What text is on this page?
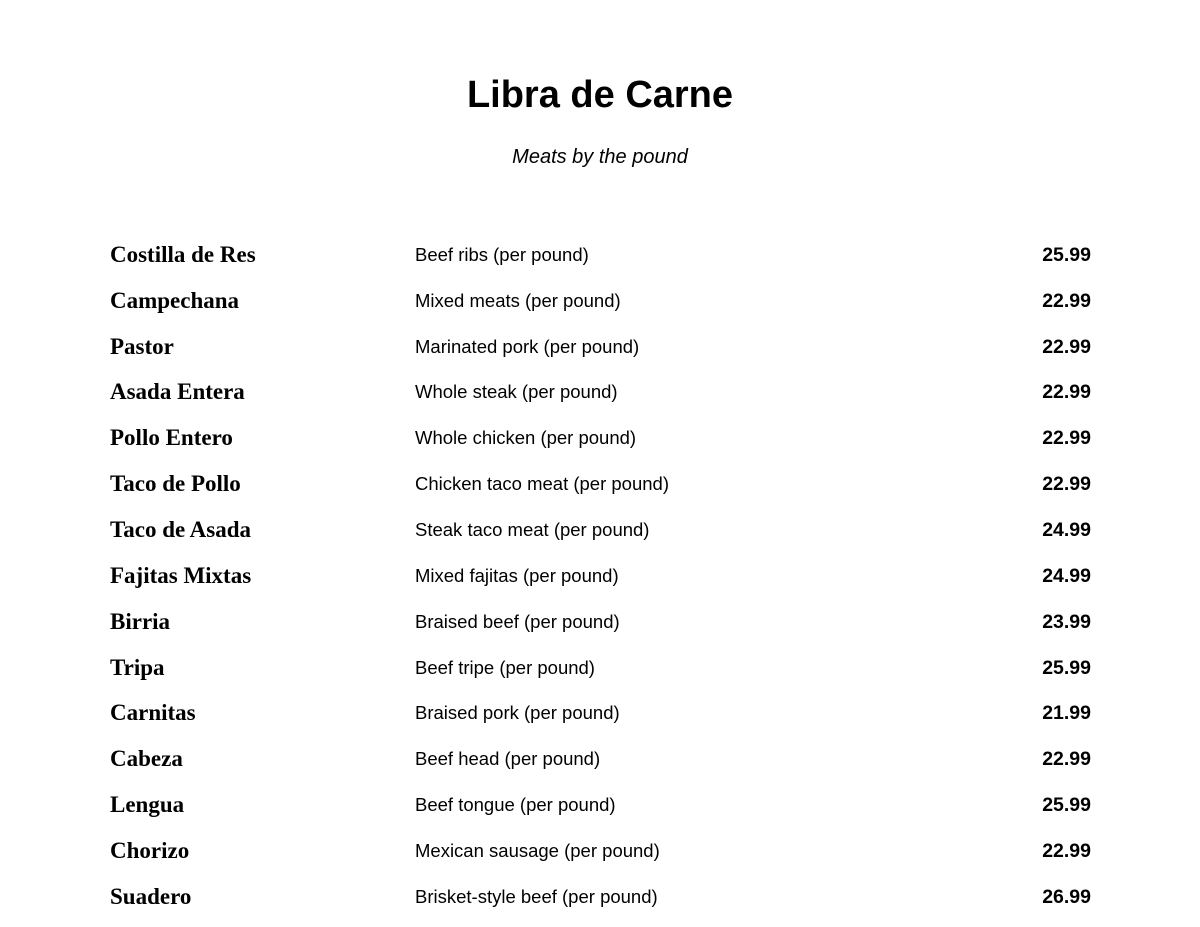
Libra de Carne

Meats by the pound

Costilla de Res	Beef ribs (per pound)	25.99
Campechana	Mixed meats (per pound)	22.99
Pastor	Marinated pork (per pound)	22.99
Asada Entera	Whole steak (per pound)	22.99
Pollo Entero	Whole chicken (per pound)	22.99
Taco de Pollo	Chicken taco meat (per pound)	22.99
Taco de Asada	Steak taco meat (per pound)	24.99
Fajitas Mixtas	Mixed fajitas (per pound)	24.99
Birria	Braised beef (per pound)	23.99
Tripa	Beef tripe (per pound)	25.99
Carnitas	Braised pork (per pound)	21.99
Cabeza	Beef head (per pound)	22.99
Lengua	Beef tongue (per pound)	25.99
Chorizo	Mexican sausage (per pound)	22.99
Suadero	Brisket-style beef (per pound)	26.99
